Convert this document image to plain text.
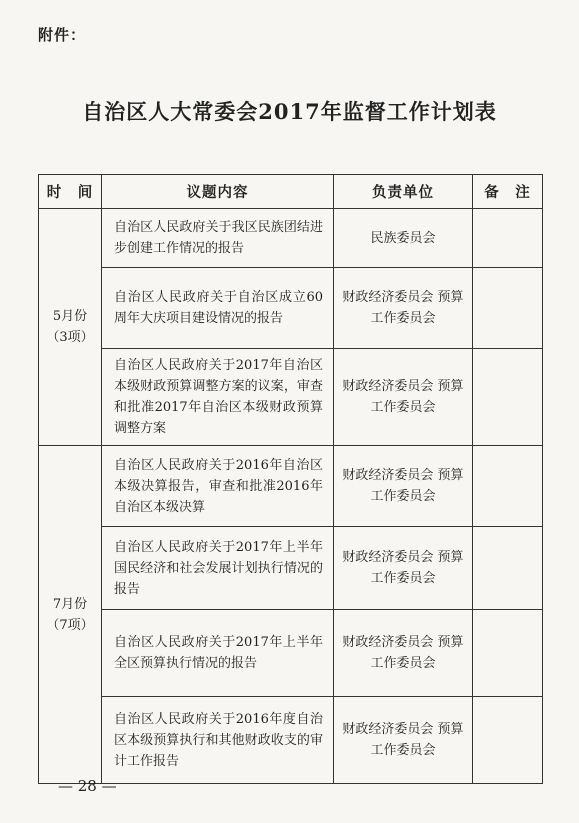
附件：
自治区人大常委会2017年监督工作计划表
时　间	议题内容	负责单位	备　注

5月份
（3项）	自治区人民政府关于我区民族团结进步创建工作情况的报告	民族委员会	
	自治区人民政府关于自治区成立60周年大庆项目建设情况的报告	财政经济委员会 预算工作委员会	
	自治区人民政府关于2017年自治区本级财政预算调整方案的议案，审查和批准2017年自治区本级财政预算调整方案	财政经济委员会 预算工作委员会	

7月份
（7项）	自治区人民政府关于2016年自治区本级决算报告，审查和批准2016年自治区本级决算	财政经济委员会 预算工作委员会	
	自治区人民政府关于2017年上半年国民经济和社会发展计划执行情况的报告	财政经济委员会 预算工作委员会	
	自治区人民政府关于2017年上半年全区预算执行情况的报告	财政经济委员会 预算工作委员会	
	自治区人民政府关于2016年度自治区本级预算执行和其他财政收支的审计工作报告	财政经济委员会 预算工作委员会	
— 28 —
